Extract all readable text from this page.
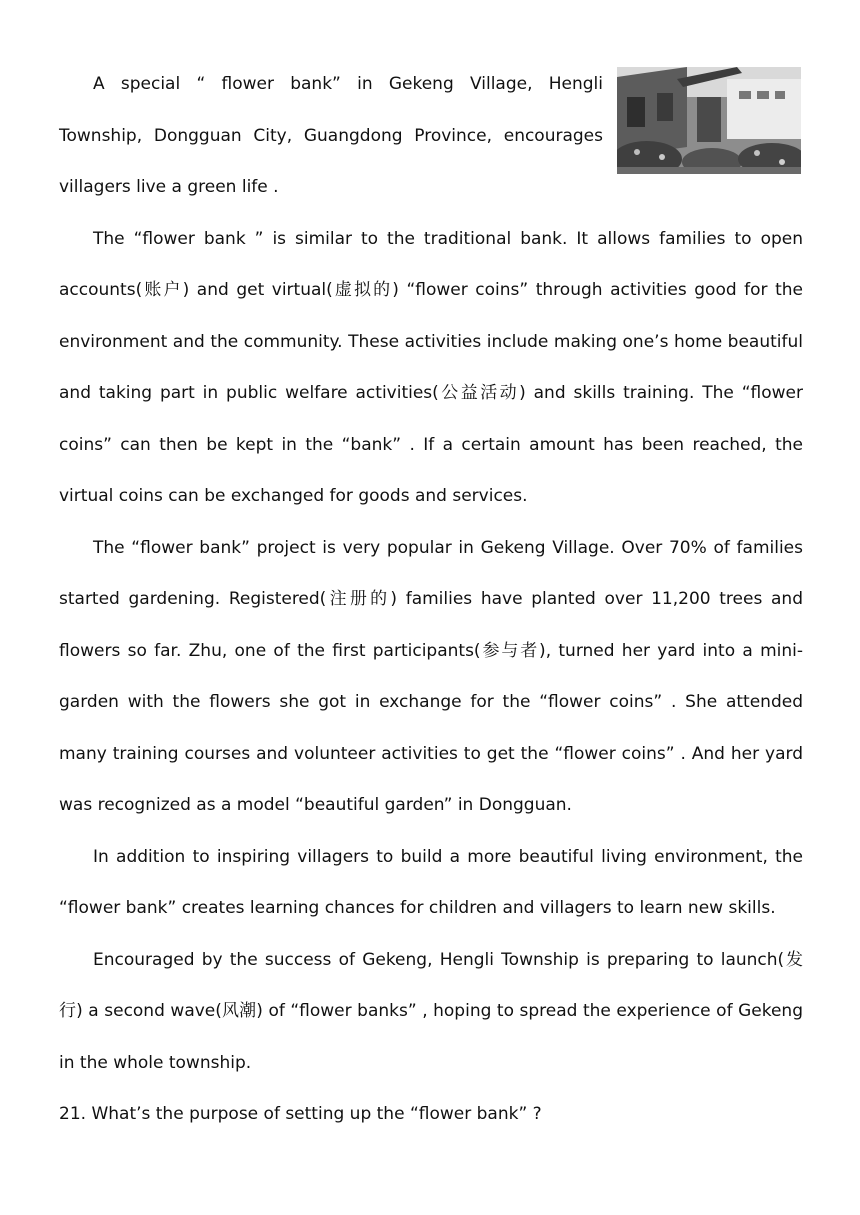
A special “ flower bank” in Gekeng Village, Hengli Township, Dongguan City, Guangdong Province, encourages villagers live a green life .

The “flower bank ” is similar to the traditional bank. It allows families to open accounts(账户) and get virtual(虚拟的) “flower coins” through activities good for the environment and the community. These activities include making one’s home beautiful and taking part in public welfare activities(公益活动) and skills training. The “flower coins” can then be kept in the “bank” . If a certain amount has been reached, the virtual coins can be exchanged for goods and services.

The “flower bank” project is very popular in Gekeng Village. Over 70% of families started gardening. Registered(注册的) families have planted over 11,200 trees and flowers so far. Zhu, one of the first participants(参与者), turned her yard into a mini-garden with the flowers she got in exchange for the “flower coins” . She attended many training courses and volunteer activities to get the “flower coins” . And her yard was recognized as a model “beautiful garden” in Dongguan.

In addition to inspiring villagers to build a more beautiful living environment, the “flower bank” creates learning chances for children and villagers to learn new skills.

Encouraged by the success of Gekeng, Hengli Township is preparing to launch(发行) a second wave(风潮) of “flower banks” , hoping to spread the experience of Gekeng in the whole township.

21. What’s the purpose of setting up the “flower bank” ?
